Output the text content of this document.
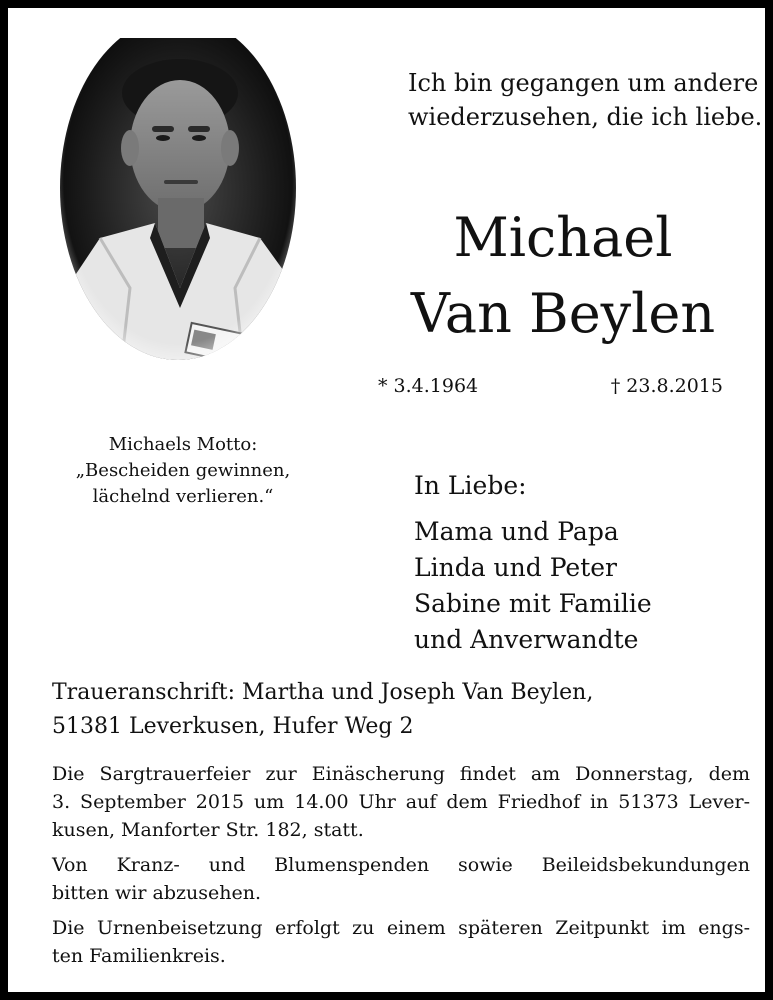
Ich bin gegangen um andere
wiederzusehen, die ich liebe.
Michael
Van Beylen
* 3.4.1964	† 23.8.2015
Michaels Motto:
„Bescheiden gewinnen,
lächelnd verlieren.“	In Liebe:
Mama und Papa
Linda und Peter
Sabine mit Familie
und Anverwandte
Traueranschrift: Martha und Joseph Van Beylen,
51381 Leverkusen, Hufer Weg 2

Die Sargtrauerfeier zur Einäscherung findet am Donnerstag, dem
3. September 2015 um 14.00 Uhr auf dem Friedhof in 51373 Lever-
kusen, Manforter Str. 182, statt.

Von Kranz- und Blumenspenden sowie Beileidsbekundungen
bitten wir abzusehen.

Die Urnenbeisetzung erfolgt zu einem späteren Zeitpunkt im engs-
ten Familienkreis.
